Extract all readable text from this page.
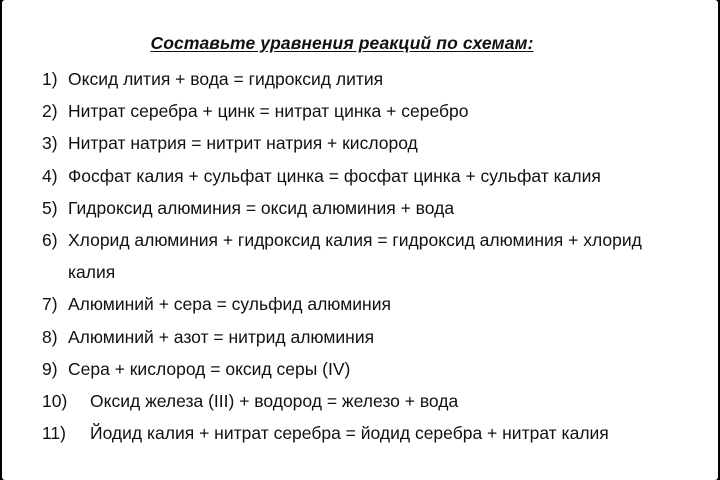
Составьте уравнения реакций по схемам:
1) Оксид лития + вода = гидроксид лития
2) Нитрат серебра + цинк = нитрат цинка + серебро
3) Нитрат натрия = нитрит натрия + кислород
4) Фосфат калия + сульфат цинка = фосфат цинка + сульфат калия
5) Гидроксид алюминия = оксид алюминия + вода
6) Хлорид алюминия + гидроксид калия = гидроксид алюминия + хлорид
калия
7) Алюминий + сера = сульфид алюминия
8) Алюминий + азот = нитрид алюминия
9) Сера + кислород = оксид серы (IV)
10)	Оксид железа (III) + водород = железо + вода
11)	Йодид калия + нитрат серебра = йодид серебра + нитрат калия
